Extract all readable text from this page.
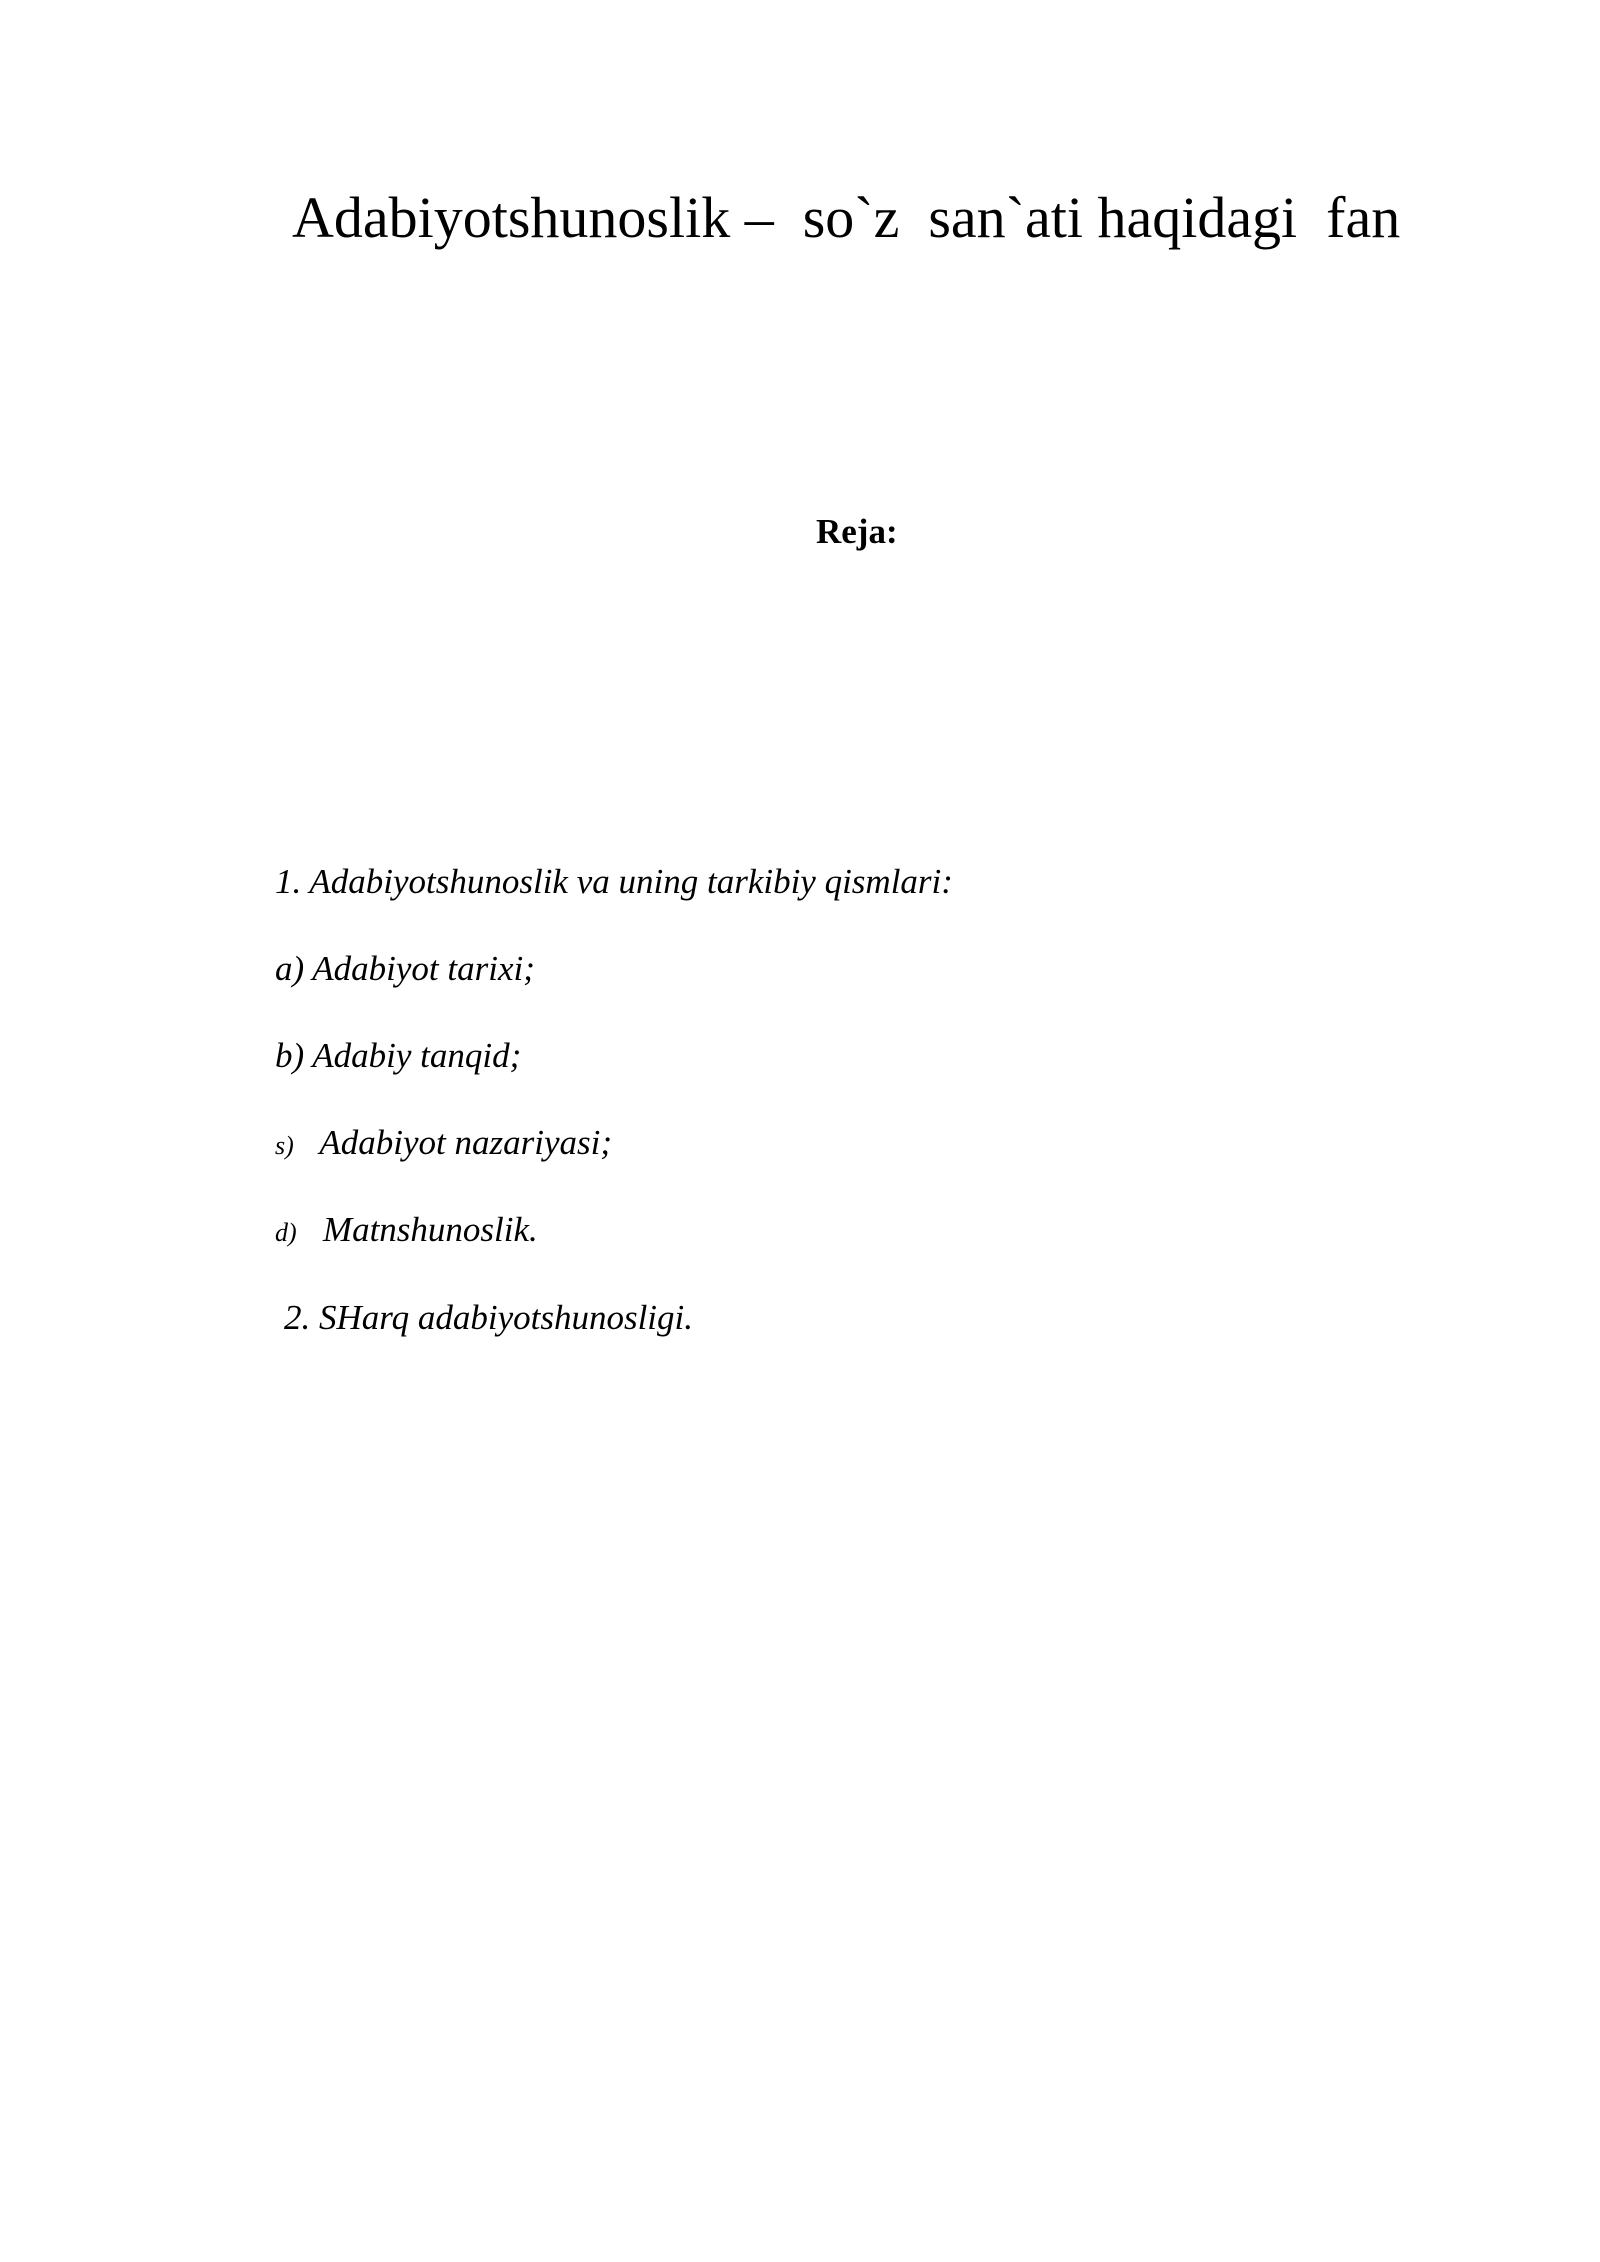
Adabiyotshunoslik –  so`z  san`ati haqidagi  fan
Reja:
1. Adabiyotshunoslik va uning tarkibiy qismlari:
a) Adabiyot tarixi;
b) Adabiy tanqid;
s) Adabiyot nazariyasi;
d) Matnshunoslik.
2. SHarq adabiyotshunosligi.
